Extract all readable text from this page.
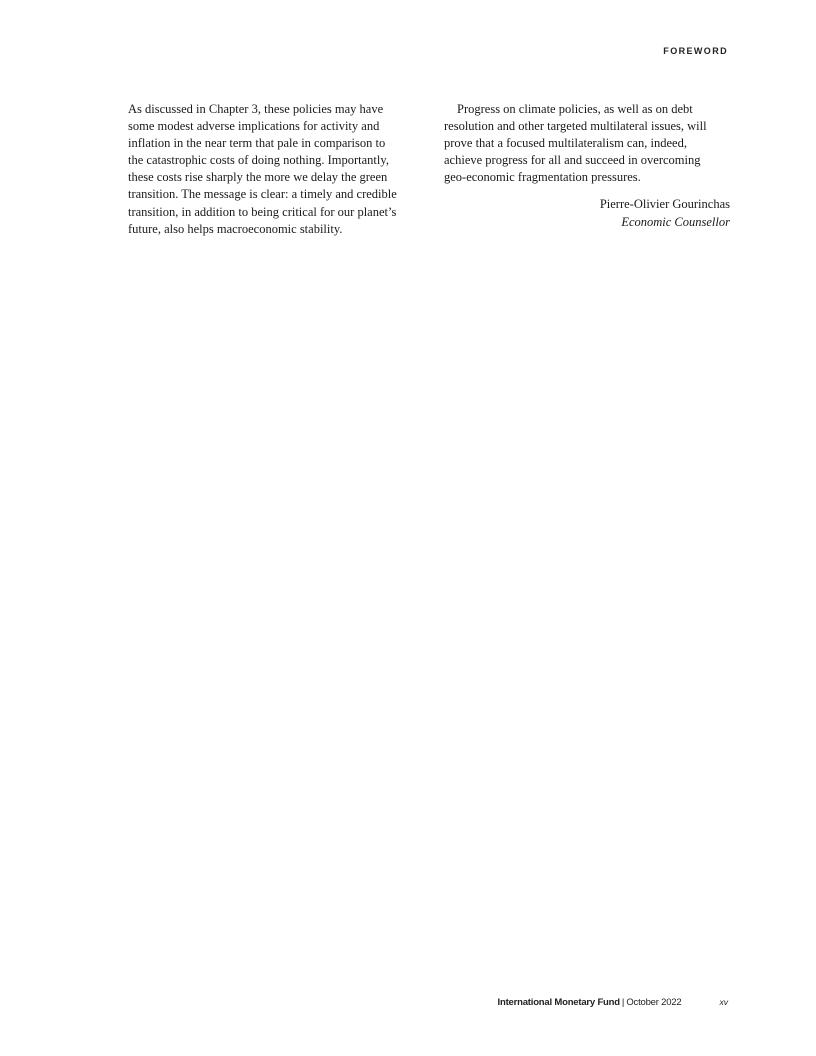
FOREWORD

As discussed in Chapter 3, these policies may have
some modest adverse implications for activity and
inflation in the near term that pale in comparison to
the catastrophic costs of doing nothing. Importantly,
these costs rise sharply the more we delay the green
transition. The message is clear: a timely and credible
transition, in addition to being critical for our planet’s
future, also helps macroeconomic stability.

Progress on climate policies, as well as on debt
resolution and other targeted multilateral issues, will
prove that a focused multilateralism can, indeed,
achieve progress for all and succeed in overcoming
geo-economic fragmentation pressures.

Pierre-Olivier Gourinchas
Economic Counsellor
International Monetary Fund | October 2022	xv
